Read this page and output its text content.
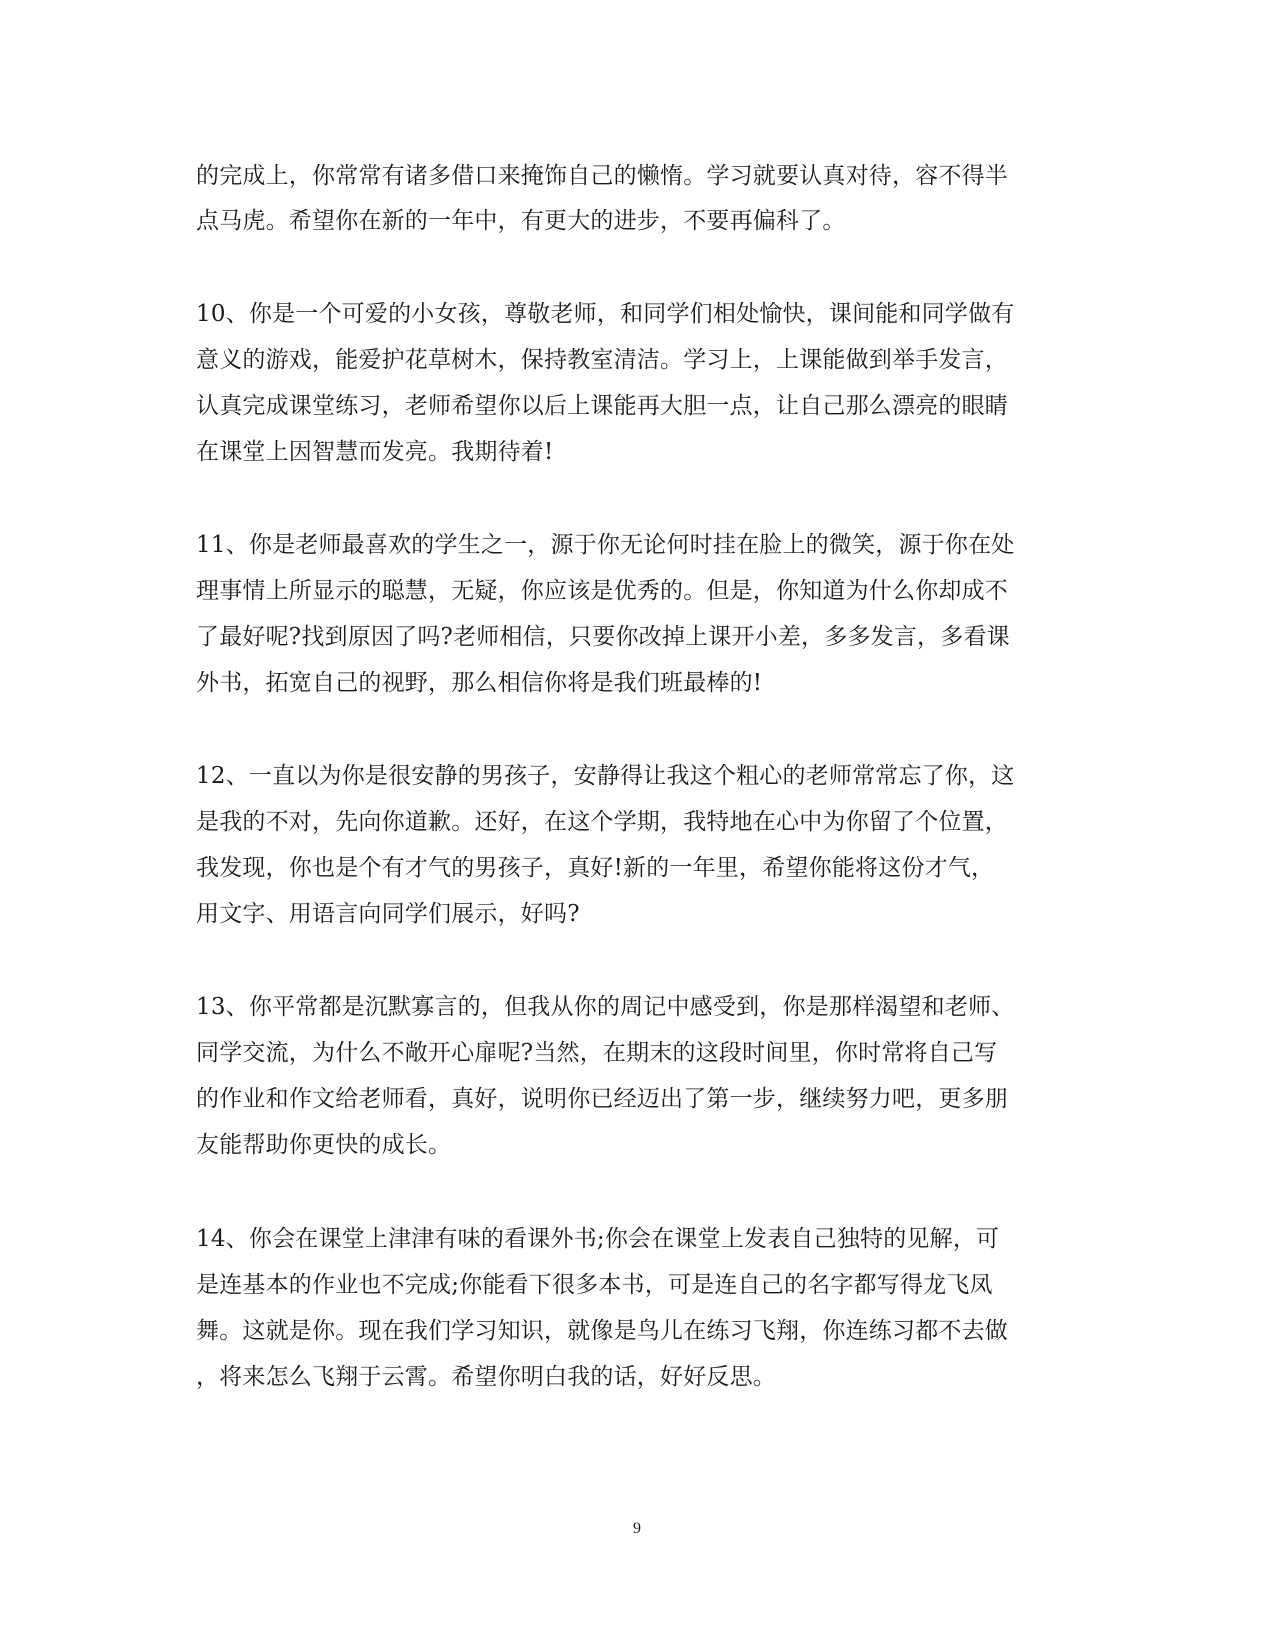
的完成上，你常常有诸多借口来掩饰自己的懒惰。学习就要认真对待，容不得半
点马虎。希望你在新的一年中，有更大的进步，不要再偏科了。
10、你是一个可爱的小女孩，尊敬老师，和同学们相处愉快，课间能和同学做有
意义的游戏，能爱护花草树木，保持教室清洁。学习上，上课能做到举手发言，
认真完成课堂练习，老师希望你以后上课能再大胆一点，让自己那么漂亮的眼睛
在课堂上因智慧而发亮。我期待着!
11、你是老师最喜欢的学生之一，源于你无论何时挂在脸上的微笑，源于你在处
理事情上所显示的聪慧，无疑，你应该是优秀的。但是，你知道为什么你却成不
了最好呢?找到原因了吗?老师相信，只要你改掉上课开小差，多多发言，多看课
外书，拓宽自己的视野，那么相信你将是我们班最棒的!
12、一直以为你是很安静的男孩子，安静得让我这个粗心的老师常常忘了你，这
是我的不对，先向你道歉。还好，在这个学期，我特地在心中为你留了个位置，
我发现，你也是个有才气的男孩子，真好!新的一年里，希望你能将这份才气，
用文字、用语言向同学们展示，好吗?
13、你平常都是沉默寡言的，但我从你的周记中感受到，你是那样渴望和老师、
同学交流，为什么不敞开心扉呢?当然，在期末的这段时间里，你时常将自己写
的作业和作文给老师看，真好，说明你已经迈出了第一步，继续努力吧，更多朋
友能帮助你更快的成长。
14、你会在课堂上津津有味的看课外书;你会在课堂上发表自己独特的见解，可
是连基本的作业也不完成;你能看下很多本书，可是连自己的名字都写得龙飞凤
舞。这就是你。现在我们学习知识，就像是鸟儿在练习飞翔，你连练习都不去做
，将来怎么飞翔于云霄。希望你明白我的话，好好反思。
9
